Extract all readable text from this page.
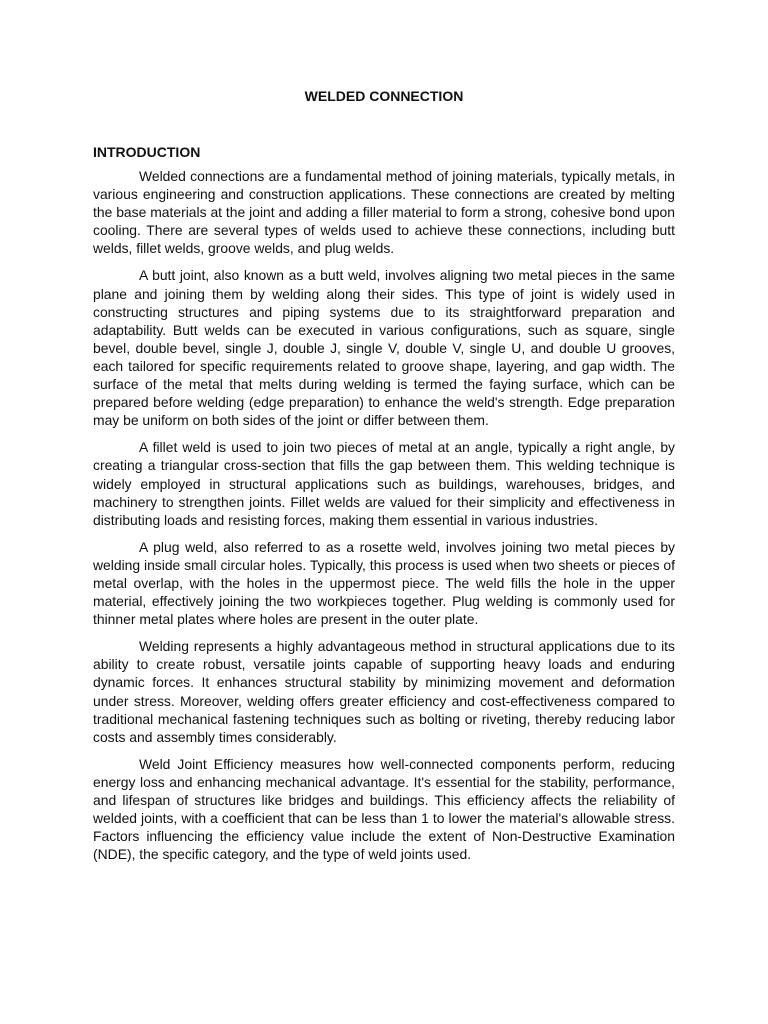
WELDED CONNECTION
INTRODUCTION

Welded connections are a fundamental method of joining materials, typically metals, in various engineering and construction applications. These connections are created by melting the base materials at the joint and adding a filler material to form a strong, cohesive bond upon cooling. There are several types of welds used to achieve these connections, including butt welds, fillet welds, groove welds, and plug welds.

A butt joint, also known as a butt weld, involves aligning two metal pieces in the same plane and joining them by welding along their sides. This type of joint is widely used in constructing structures and piping systems due to its straightforward preparation and adaptability. Butt welds can be executed in various configurations, such as square, single bevel, double bevel, single J, double J, single V, double V, single U, and double U grooves, each tailored for specific requirements related to groove shape, layering, and gap width. The surface of the metal that melts during welding is termed the faying surface, which can be prepared before welding (edge preparation) to enhance the weld's strength. Edge preparation may be uniform on both sides of the joint or differ between them.

A fillet weld is used to join two pieces of metal at an angle, typically a right angle, by creating a triangular cross-section that fills the gap between them. This welding technique is widely employed in structural applications such as buildings, warehouses, bridges, and machinery to strengthen joints. Fillet welds are valued for their simplicity and effectiveness in distributing loads and resisting forces, making them essential in various industries.

A plug weld, also referred to as a rosette weld, involves joining two metal pieces by welding inside small circular holes. Typically, this process is used when two sheets or pieces of metal overlap, with the holes in the uppermost piece. The weld fills the hole in the upper material, effectively joining the two workpieces together. Plug welding is commonly used for thinner metal plates where holes are present in the outer plate.

Welding represents a highly advantageous method in structural applications due to its ability to create robust, versatile joints capable of supporting heavy loads and enduring dynamic forces. It enhances structural stability by minimizing movement and deformation under stress. Moreover, welding offers greater efficiency and cost-effectiveness compared to traditional mechanical fastening techniques such as bolting or riveting, thereby reducing labor costs and assembly times considerably.

Weld Joint Efficiency measures how well-connected components perform, reducing energy loss and enhancing mechanical advantage. It's essential for the stability, performance, and lifespan of structures like bridges and buildings. This efficiency affects the reliability of welded joints, with a coefficient that can be less than 1 to lower the material's allowable stress. Factors influencing the efficiency value include the extent of Non-Destructive Examination (NDE), the specific category, and the type of weld joints used.
